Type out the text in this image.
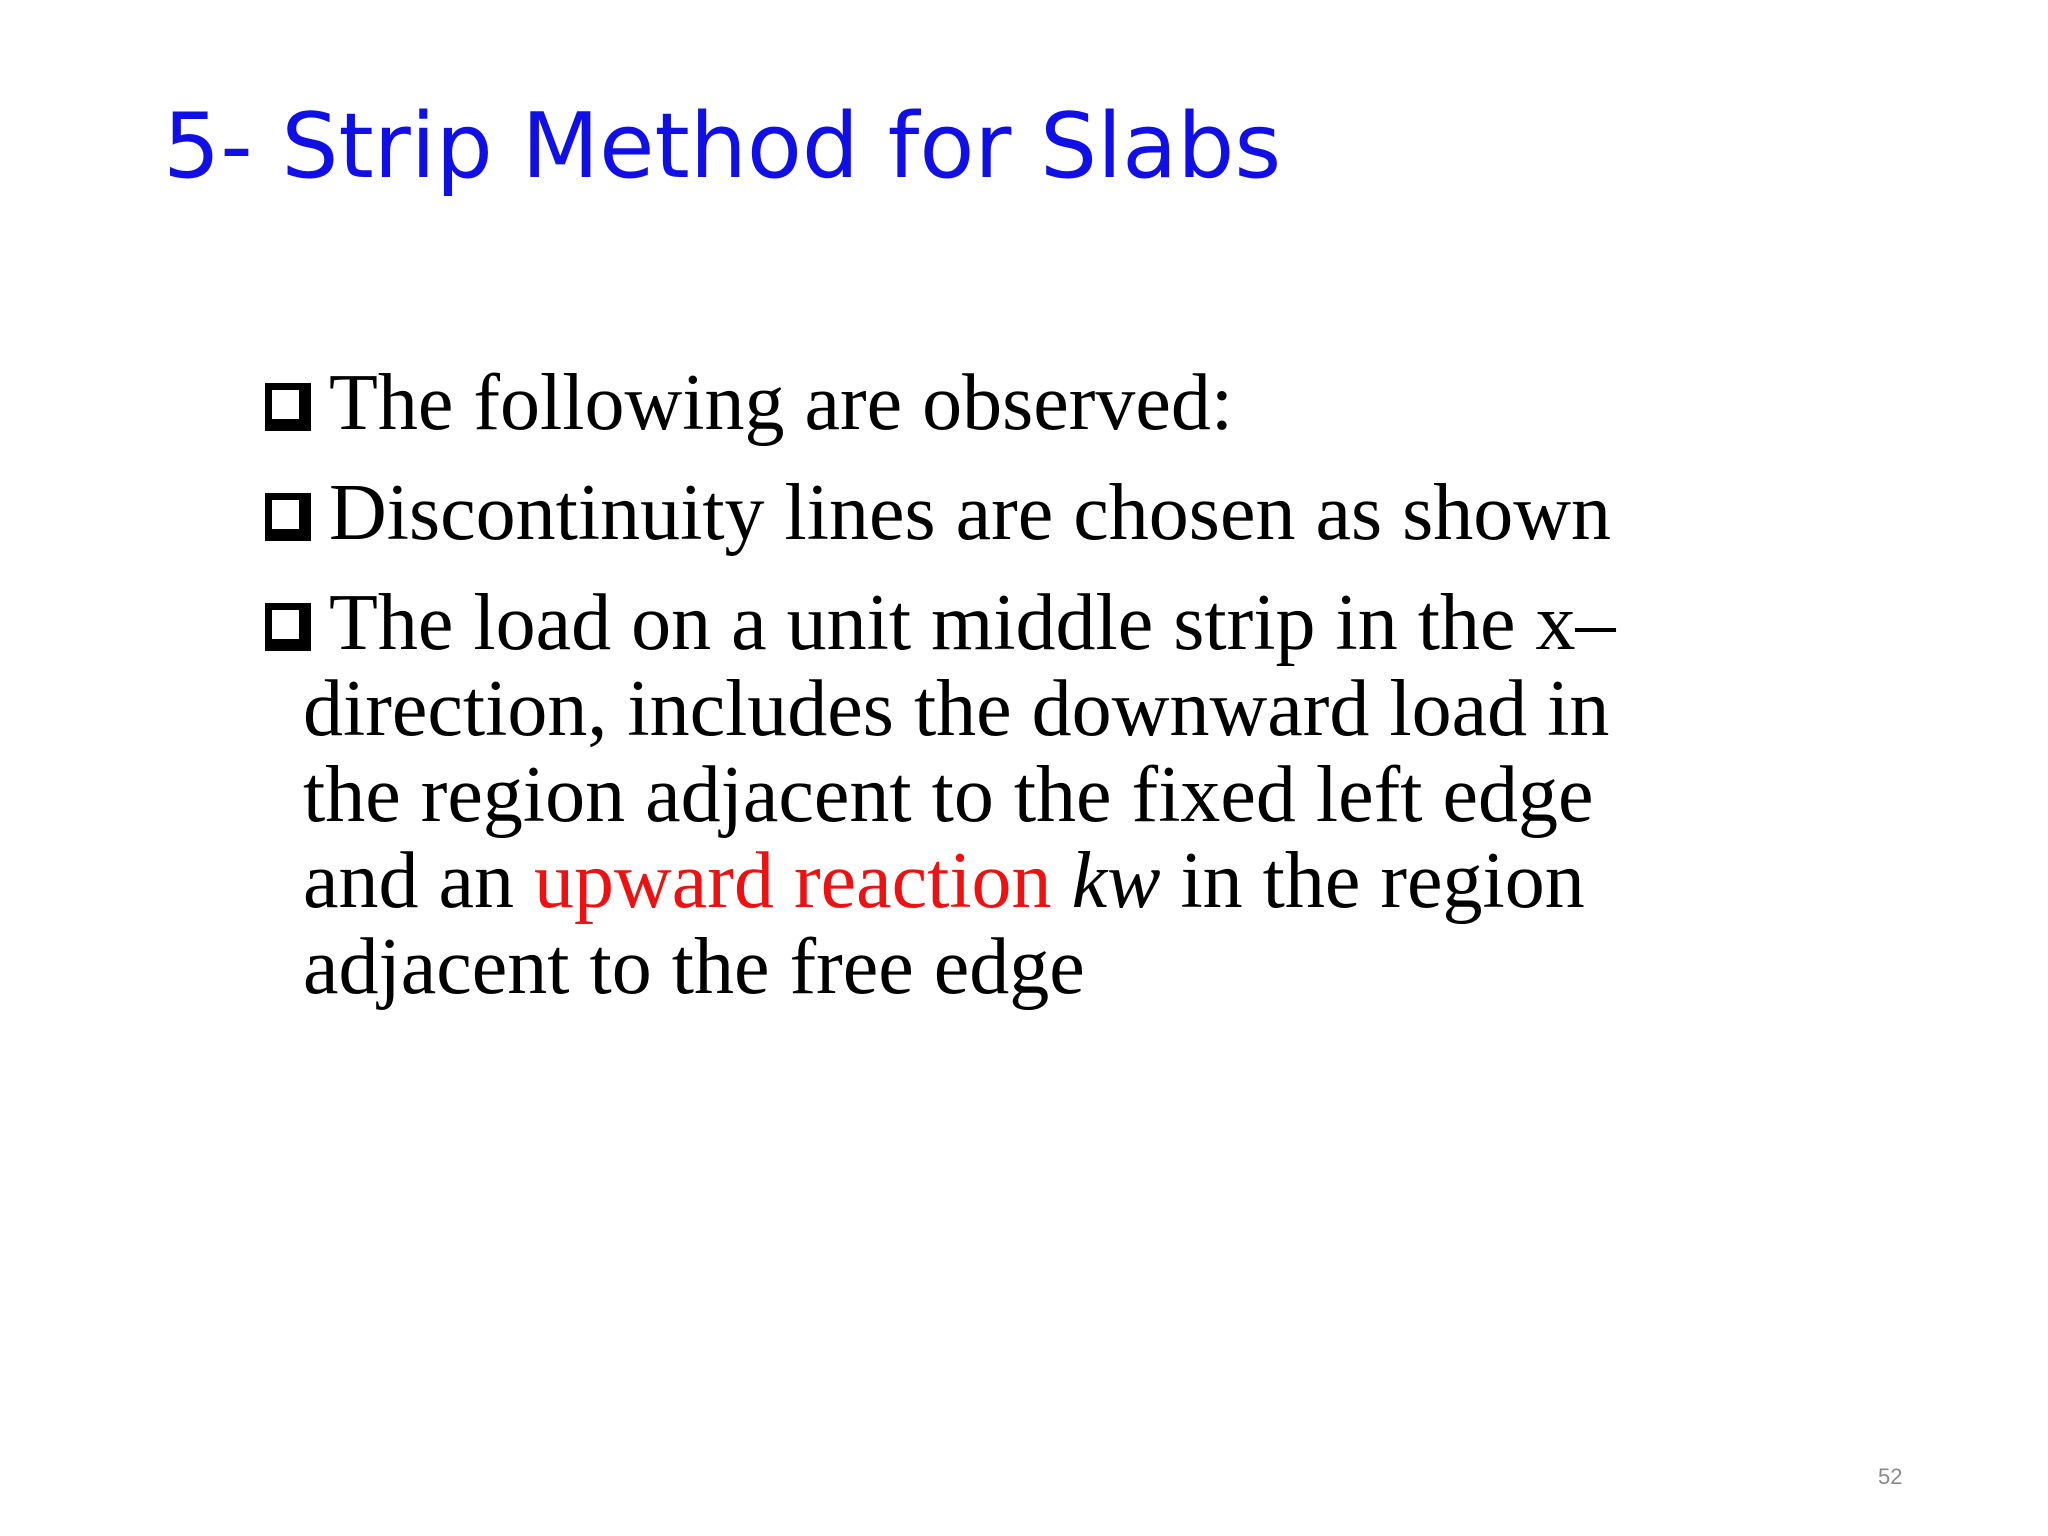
5- Strip Method for Slabs
The following are observed:
Discontinuity lines are chosen as shown
The load on a unit middle strip in the x–direction, includes the downward load in the region adjacent to the fixed left edge and an upward reaction kw in the region adjacent to the free edge
52
